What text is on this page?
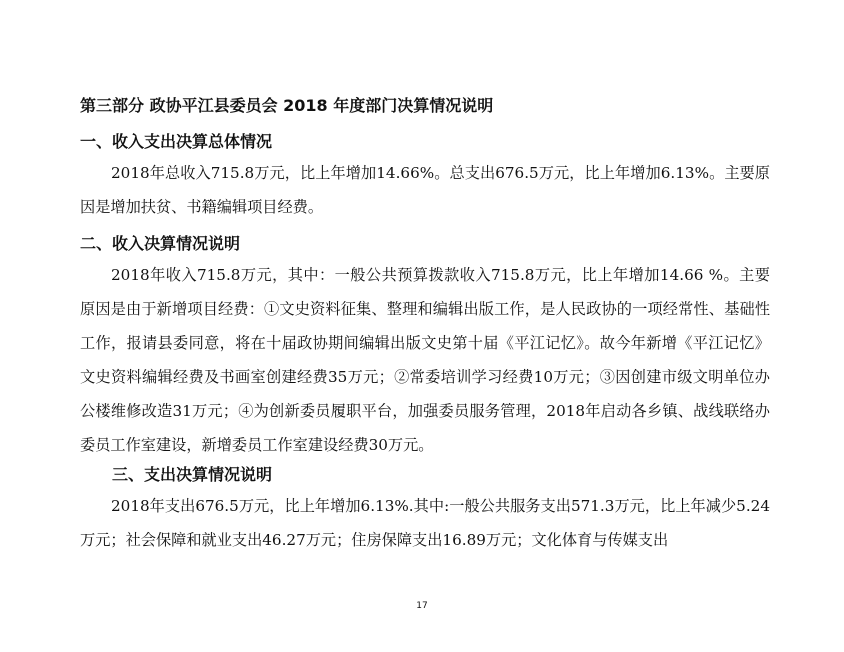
第三部分 政协平江县委员会 2018 年度部门决算情况说明
一、收入支出决算总体情况
2018年总收入715.8万元，比上年增加14.66%。总支出676.5万元，比上年增加6.13%。主要原因是增加扶贫、书籍编辑项目经费。
二、收入决算情况说明
2018年收入715.8万元，其中：一般公共预算拨款收入715.8万元，比上年增加14.66 %。主要原因是由于新增项目经费：①文史资料征集、整理和编辑出版工作，是人民政协的一项经常性、基础性工作，报请县委同意，将在十届政协期间编辑出版文史第十届《平江记忆》。故今年新增《平江记忆》文史资料编辑经费及书画室创建经费35万元；②常委培训学习经费10万元；③因创建市级文明单位办公楼维修改造31万元；④为创新委员履职平台，加强委员服务管理，2018年启动各乡镇、战线联络办委员工作室建设，新增委员工作室建设经费30万元。
三、支出决算情况说明
2018年支出676.5万元，比上年增加6.13%.其中:一般公共服务支出571.3万元，比上年减少5.24万元；社会保障和就业支出46.27万元；住房保障支出16.89万元；文化体育与传媒支出
17
